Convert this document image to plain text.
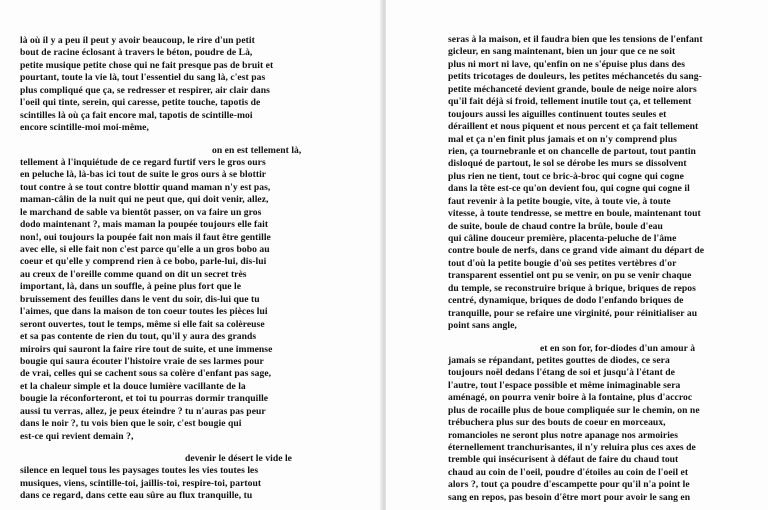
là où il y a peu il peut y avoir beaucoup, le rire d'un petit
bout de racine éclosant à travers le béton, poudre de Là,
petite musique petite chose qui ne fait presque pas de bruit et
pourtant, toute la vie là, tout l'essentiel du sang là, c'est pas
plus compliqué que ça, se redresser et respirer, air clair dans
l'oeil qui tinte, serein, qui caresse, petite touche, tapotis de
scintilles là où ça fait encore mal, tapotis de scintille-moi
encore scintille-moi moi-même,
on en est tellement là,
tellement à l'inquiétude de ce regard furtif vers le gros ours
en peluche là, là-bas ici tout de suite le gros ours à se blottir
tout contre à se tout contre blottir quand maman n'y est pas,
maman-câlin de la nuit qui ne peut que, qui doit venir, allez,
le marchand de sable va bientôt passer, on va faire un gros
dodo maintenant ?, mais maman la poupée toujours elle fait
non!, oui toujours la poupée fait non mais il faut être gentille
avec elle, si elle fait non c'est parce qu'elle a un gros bobo au
coeur et qu'elle y comprend rien à ce bobo, parle-lui, dis-lui
au creux de l'oreille comme quand on dit un secret très
important, là, dans un souffle, à peine plus fort que le
bruissement des feuilles dans le vent du soir, dis-lui que tu
l'aimes, que dans la maison de ton coeur toutes les pièces lui
seront ouvertes, tout le temps, même si elle fait sa colèreuse
et sa pas contente de rien du tout, qu'il y aura des grands
miroirs qui sauront la faire rire tout de suite, et une immense
bougie qui saura écouter l'histoire vraie de ses larmes pour
de vrai, celles qui se cachent sous sa colère d'enfant pas sage,
et la chaleur simple et la douce lumière vacillante de la
bougie la réconforteront, et toi tu pourras dormir tranquille
aussi tu verras, allez, je peux éteindre ? tu n'auras pas peur
dans le noir ?, tu vois bien que le soir, c'est bougie qui
est-ce qui revient demain ?,
devenir le désert le vide le
silence en lequel tous les paysages toutes les vies toutes les
musiques, viens, scintille-toi, jaillis-toi, respire-toi, partout
dans ce regard, dans cette eau sûre au flux tranquille, tu
seras à la maison, et il faudra bien que les tensions de l'enfant
gicleur, en sang maintenant, bien un jour que ce ne soit
plus ni mort ni lave, qu'enfin on ne s'épuise plus dans des
petits tricotages de douleurs, les petites méchancetés du sang-
petite méchanceté devient grande, boule de neige noire alors
qu'il fait déjà si froid, tellement inutile tout ça, et tellement
toujours aussi les aiguilles continuent toutes seules et
déraillent et nous piquent et nous percent et ça fait tellement
mal et ça n'en finit plus jamais et on n'y comprend plus
rien, ça tournebranle et on chancelle de partout, tout pantin
disloqué de partout, le sol se dérobe les murs se dissolvent
plus rien ne tient, tout ce bric-à-broc qui cogne qui cogne
dans la tête est-ce qu'on devient fou, qui cogne qui cogne il
faut revenir à la petite bougie, vite, à toute vie, à toute
vitesse, à toute tendresse, se mettre en boule, maintenant tout
de suite, boule de chaud contre la brûle, boule d'eau
qui câline douceur première, placenta-peluche de l'âme
contre boule de nerfs, dans ce grand vide aimant du départ de
tout d'où la petite bougie d'où ses petites vertèbres d'or
transparent essentiel ont pu se venir, on pu se venir chaque
du temple, se reconstruire brique à brique, briques de repos
centré, dynamique, briques de dodo l'enfando briques de
tranquille, pour se refaire une virginité, pour réinitialiser au
point sans angle,
et en son for, for-diodes d'un amour à
jamais se répandant, petites gouttes de diodes, ce sera
toujours noël dedans l'étang de soi et jusqu'à l'étant de
l'autre, tout l'espace possible et même inimaginable sera
aménagé, on pourra venir boire à la fontaine, plus d'accroc
plus de rocaille plus de boue compliquée sur le chemin, on ne
trébuchera plus sur des bouts de coeur en morceaux,
romancioles ne seront plus notre apanage nos armoiries
éternellement tranchurisantes, il n'y reluira plus ces axes de
tremble qui insécurisent à défaut de faire du chaud tout
chaud au coin de l'oeil, poudre d'étoiles au coin de l'oeil et
alors ?, tout ça poudre d'escampette pour qu'il n'a point le
sang en repos, pas besoin d'être mort pour avoir le sang en
